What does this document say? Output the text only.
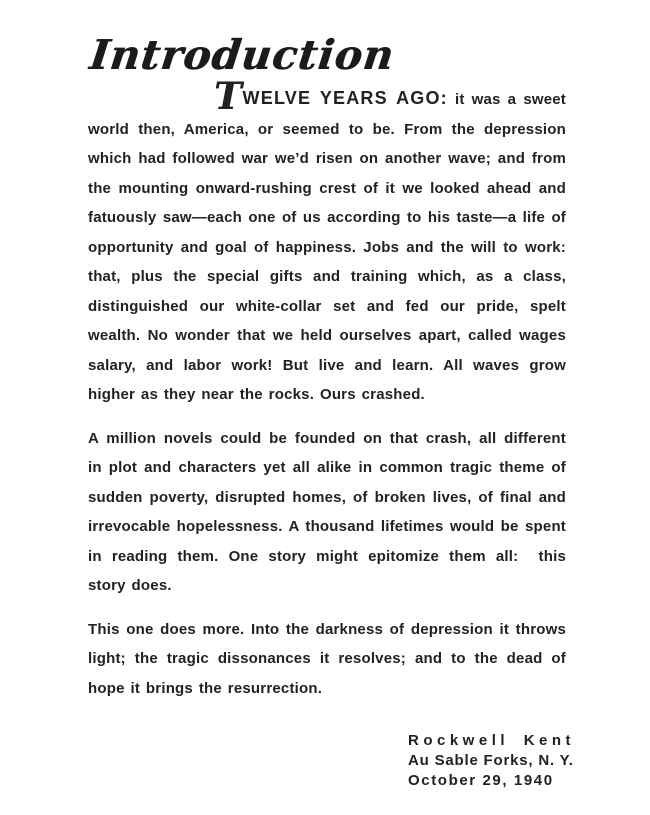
Introduction

TWELVE YEARS AGO: it was a sweet world then, America, or seemed to be. From the depression which had followed war we’d risen on another wave; and from the mounting onward-rushing crest of it we looked ahead and fatuously saw—each one of us according to his taste—a life of opportunity and goal of happiness. Jobs and the will to work: that, plus the special gifts and training which, as a class, distinguished our white-collar set and fed our pride, spelt wealth. No wonder that we held ourselves apart, called wages salary, and labor work! But live and learn. All waves grow higher as they near the rocks. Ours crashed.

A million novels could be founded on that crash, all different in plot and characters yet all alike in common tragic theme of sudden poverty, disrupted homes, of broken lives, of final and irrevocable hopelessness. A thousand lifetimes would be spent in reading them. One story might epitomize them all:  this story does.

This one does more. Into the darkness of depression it throws light; the tragic dissonances it resolves; and to the dead of hope it brings the resurrection.

Rockwell Kent
Au Sable Forks, N. Y.
October 29, 1940
